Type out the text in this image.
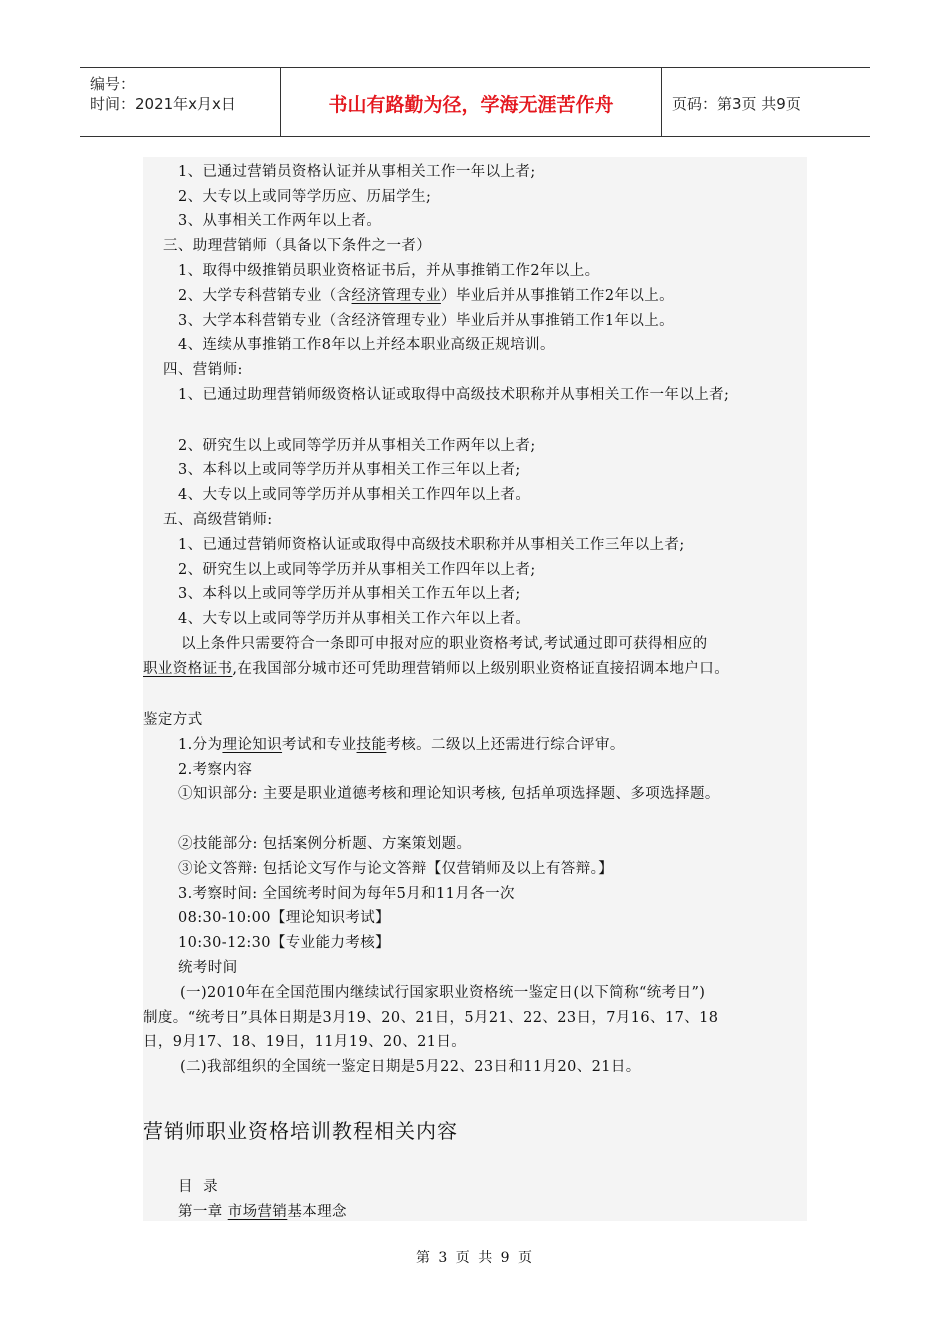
编号：
时间：2021年x月x日	书山有路勤为径，学海无涯苦作舟	页码：第3页 共9页
1、已通过营销员资格认证并从事相关工作一年以上者;
2、大专以上或同等学历应、历届学生;
3、从事相关工作两年以上者。
三、助理营销师（具备以下条件之一者）
1、取得中级推销员职业资格证书后，并从事推销工作2年以上。
2、大学专科营销专业（含经济管理专业）毕业后并从事推销工作2年以上。
3、大学本科营销专业（含经济管理专业）毕业后并从事推销工作1年以上。
4、连续从事推销工作8年以上并经本职业高级正规培训。
四、营销师:
1、已通过助理营销师级资格认证或取得中高级技术职称并从事相关工作一年以上者;
2、研究生以上或同等学历并从事相关工作两年以上者;
3、本科以上或同等学历并从事相关工作三年以上者;
4、大专以上或同等学历并从事相关工作四年以上者。
五、高级营销师:
1、已通过营销师资格认证或取得中高级技术职称并从事相关工作三年以上者;
2、研究生以上或同等学历并从事相关工作四年以上者;
3、本科以上或同等学历并从事相关工作五年以上者;
4、大专以上或同等学历并从事相关工作六年以上者。
以上条件只需要符合一条即可申报对应的职业资格考试,考试通过即可获得相应的
职业资格证书,在我国部分城市还可凭助理营销师以上级别职业资格证直接招调本地户口。
鉴定方式
1.分为理论知识考试和专业技能考核。二级以上还需进行综合评审。
2.考察内容
①知识部分: 主要是职业道德考核和理论知识考核, 包括单项选择题、多项选择题。
②技能部分: 包括案例分析题、方案策划题。
③论文答辩: 包括论文写作与论文答辩【仅营销师及以上有答辩。】
3.考察时间: 全国统考时间为每年5月和11月各一次
08:30-10:00【理论知识考试】
10:30-12:30【专业能力考核】
统考时间
(一)2010年在全国范围内继续试行国家职业资格统一鉴定日(以下简称“统考日”)
制度。“统考日”具体日期是3月19、20、21日，5月21、22、23日，7月16、17、18
日，9月17、18、19日，11月19、20、21日。
(二)我部组织的全国统一鉴定日期是5月22、23日和11月20、21日。
营销师职业资格培训教程相关内容
目 录
第一章 市场营销基本理念
第 3 页 共 9 页
